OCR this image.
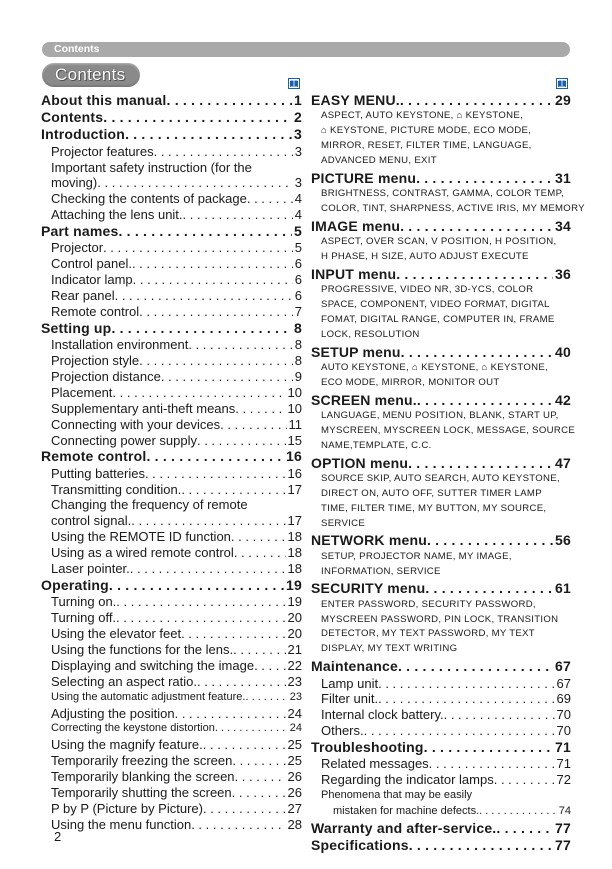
Contents
Contents
About this manual . . .	1
Contents . . .	2
Introduction . . .	3
Projector features . . .	3
Important safety instruction (for the
moving) . . .	3
Checking the contents of package . . .	4
Attaching the lens unit. . . .	4
Part names . . .	5
Projector . . .	5
Control panel. . . .	6
Indicator lamp . . .	6
Rear panel . . .	6
Remote control . . .	7
Setting up . . .	8
Installation environment . . .	8
Projection style . . .	8
Projection distance . . .	9
Placement . . .	10
Supplementary anti-theft means . . .	10
Connecting with your devices . . .	11
Connecting power supply . . .	15
Remote control . . .	16
Putting batteries . . .	16
Transmitting condition. . . .	17
Changing the frequency of remote
control signal. . . .	17
Using the REMOTE ID function . . .	18
Using as a wired remote control . . .	18
Laser pointer. . . .	18
Operating . . .	19
Turning on. . . .	19
Turning off. . . .	20
Using the elevator feet . . .	20
Using the functions for the lens. . . .	21
Displaying and switching the image . . .	22
Selecting an aspect ratio. . . .	23
Using the automatic adjustment feature. . . .	23
Adjusting the position . . .	24
Correcting the keystone distortion . . .	24
Using the magnify feature. . . .	25
Temporarily freezing the screen . . .	25
Temporarily blanking the screen . . .	26
Temporarily shutting the screen . . .	26
P by P (Picture by Picture) . . .	27
Using the menu function . . .	28
EASY MENU. . . .	29
ASPECT, AUTO KEYSTONE, ⌂ KEYSTONE,
⌂ KEYSTONE, PICTURE MODE, ECO MODE,
MIRROR, RESET, FILTER TIME, LANGUAGE,
ADVANCED MENU, EXIT
PICTURE menu . . .	31
BRIGHTNESS, CONTRAST, GAMMA, COLOR TEMP,
COLOR, TINT, SHARPNESS, ACTIVE IRIS, MY MEMORY
IMAGE menu . . .	34
ASPECT, OVER SCAN, V POSITION, H POSITION,
H PHASE, H SIZE, AUTO ADJUST EXECUTE
INPUT menu . . .	36
PROGRESSIVE, VIDEO NR, 3D-YCS, COLOR
SPACE, COMPONENT, VIDEO FORMAT, DIGITAL
FOMAT, DIGITAL RANGE, COMPUTER IN, FRAME
LOCK, RESOLUTION
SETUP menu . . .	40
AUTO KEYSTONE, ⌂ KEYSTONE, ⌂ KEYSTONE,
ECO MODE, MIRROR, MONITOR OUT
SCREEN menu. . . .	42
LANGUAGE, MENU POSITION, BLANK, START UP,
MYSCREEN, MYSCREEN LOCK, MESSAGE, SOURCE
NAME,TEMPLATE, C.C.
OPTION menu . . .	47
SOURCE SKIP, AUTO SEARCH, AUTO KEYSTONE,
DIRECT ON, AUTO OFF, SUTTER TIMER LAMP
TIME, FILTER TIME, MY BUTTON, MY SOURCE,
SERVICE
NETWORK menu . . .	56
SETUP, PROJECTOR NAME, MY IMAGE,
INFORMATION, SERVICE
SECURITY menu . . .	61
ENTER PASSWORD, SECURITY PASSWORD,
MYSCREEN PASSWORD, PIN LOCK, TRANSITION
DETECTOR, MY TEXT PASSWORD, MY TEXT
DISPLAY, MY TEXT WRITING
Maintenance . . .	67
Lamp unit . . .	67
Filter unit. . . .	69
Internal clock battery. . . .	70
Others. . . .	70
Troubleshooting . . .	71
Related messages . . .	71
Regarding the indicator lamps . . .	72
Phenomena that may be easily
mistaken for machine defects. . . .	74
Warranty and after-service. . . .	77
Specifications . . .	77
2
